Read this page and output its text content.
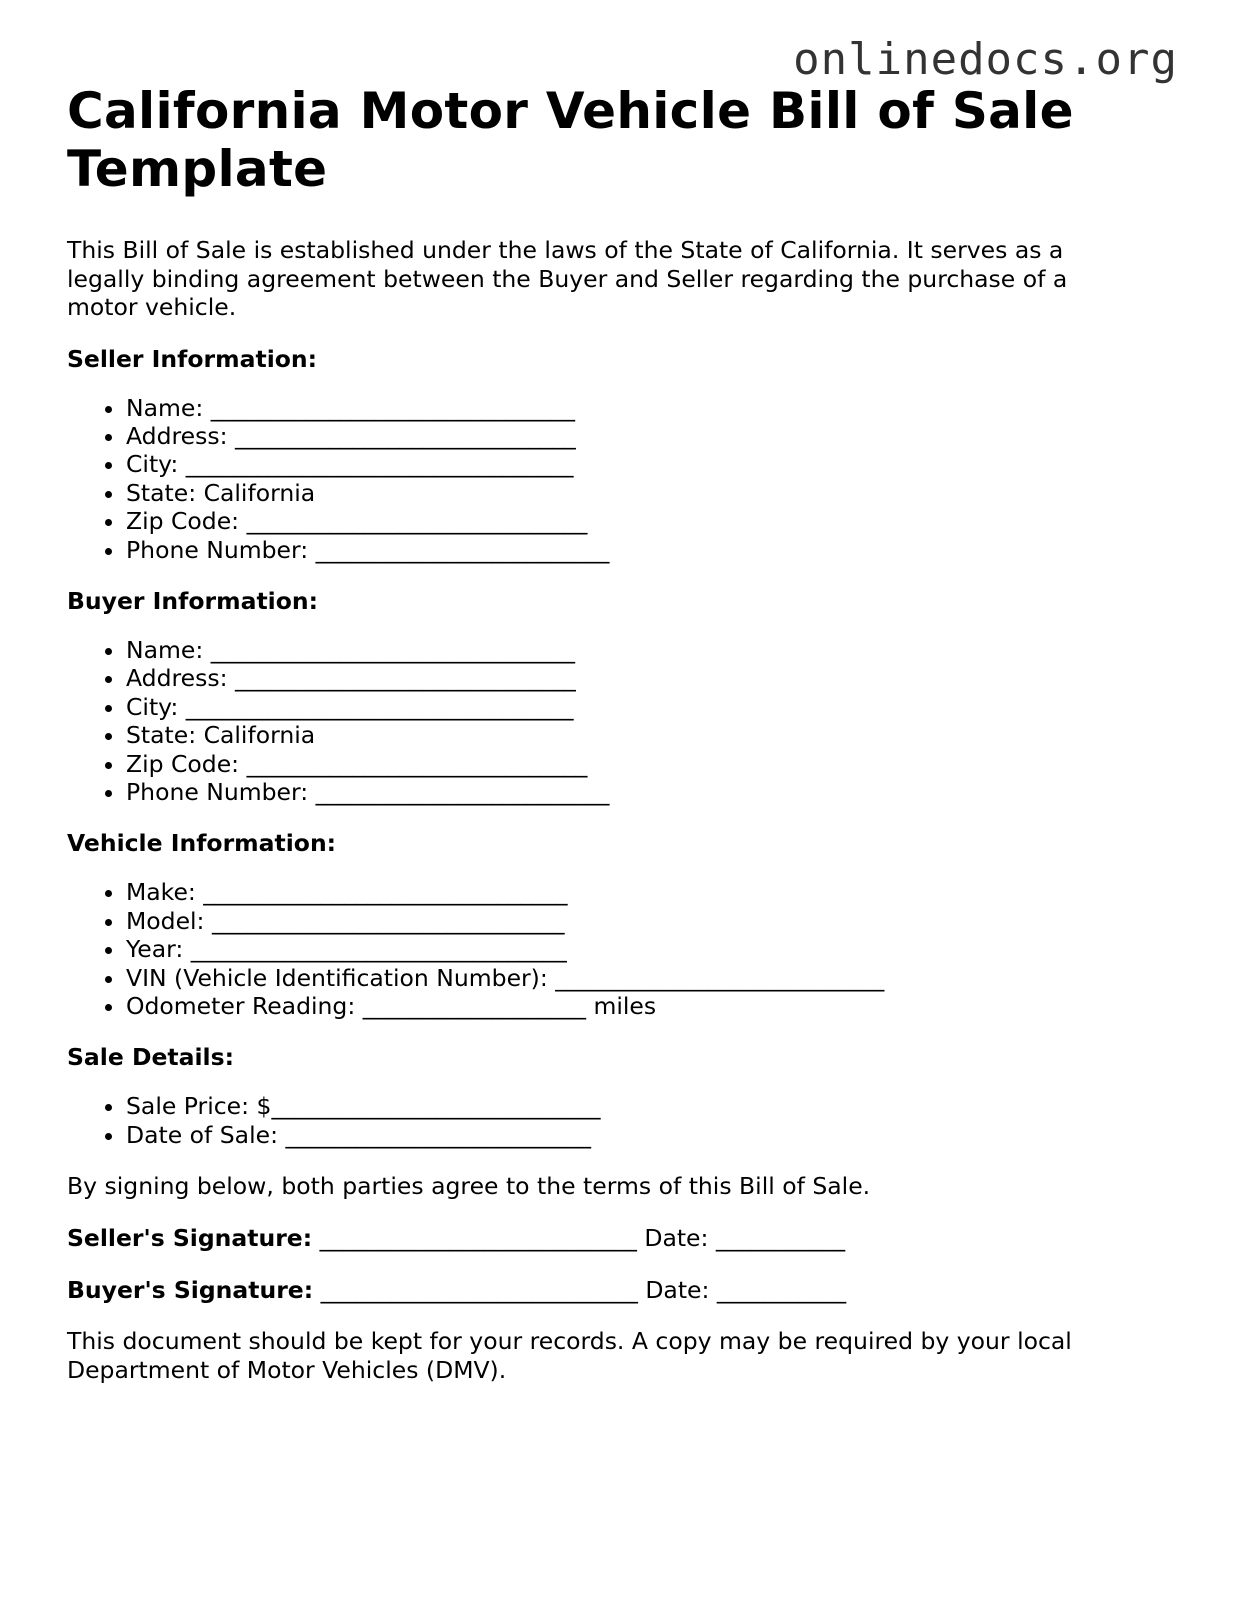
onlinedocs.org
California Motor Vehicle Bill of Sale Template

This Bill of Sale is established under the laws of the State of California. It serves as a legally binding agreement between the Buyer and Seller regarding the purchase of a motor vehicle.

Seller Information:
• Name: _______________________________
• Address: _____________________________
• City: _________________________________
• State: California
• Zip Code: _____________________________
• Phone Number: _________________________
Buyer Information:
• Name: _______________________________
• Address: _____________________________
• City: _________________________________
• State: California
• Zip Code: _____________________________
• Phone Number: _________________________
Vehicle Information:
• Make: _______________________________
• Model: ______________________________
• Year: ________________________________
• VIN (Vehicle Identification Number): ____________________________
• Odometer Reading: ___________________ miles
Sale Details:
• Sale Price: $____________________________
• Date of Sale: __________________________

By signing below, both parties agree to the terms of this Bill of Sale.

Seller's Signature: ___________________________ Date: ___________

Buyer's Signature: ___________________________ Date: ___________

This document should be kept for your records. A copy may be required by your local Department of Motor Vehicles (DMV).
